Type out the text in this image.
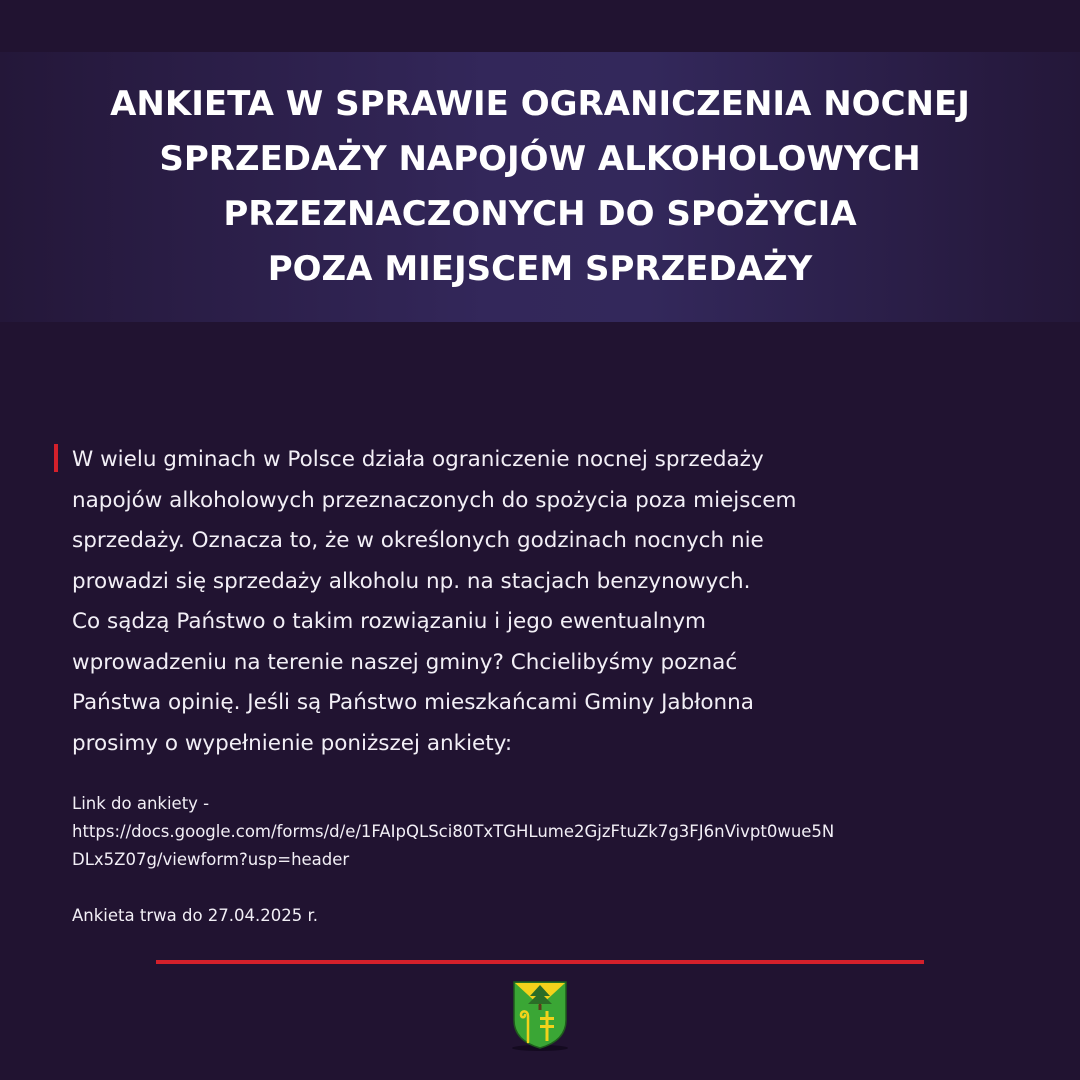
ANKIETA W SPRAWIE OGRANICZENIA NOCNEJ
SPRZEDAŻY NAPOJÓW ALKOHOLOWYCH
PRZEZNACZONYCH DO SPOŻYCIA
POZA MIEJSCEM SPRZEDAŻY

W wielu gminach w Polsce działa ograniczenie nocnej sprzedaży
napojów alkoholowych przeznaczonych do spożycia poza miejscem
sprzedaży. Oznacza to, że w określonych godzinach nocnych nie
prowadzi się sprzedaży alkoholu np. na stacjach benzynowych.
Co sądzą Państwo o takim rozwiązaniu i jego ewentualnym
wprowadzeniu na terenie naszej gminy? Chcielibyśmy poznać
Państwa opinię. Jeśli są Państwo mieszkańcami Gminy Jabłonna
prosimy o wypełnienie poniższej ankiety:

Link do ankiety -
https://docs.google.com/forms/d/e/1FAIpQLSci80TxTGHLume2GjzFtuZk7g3FJ6nVivpt0wue5N
DLx5Z07g/viewform?usp=header

Ankieta trwa do 27.04.2025 r.
